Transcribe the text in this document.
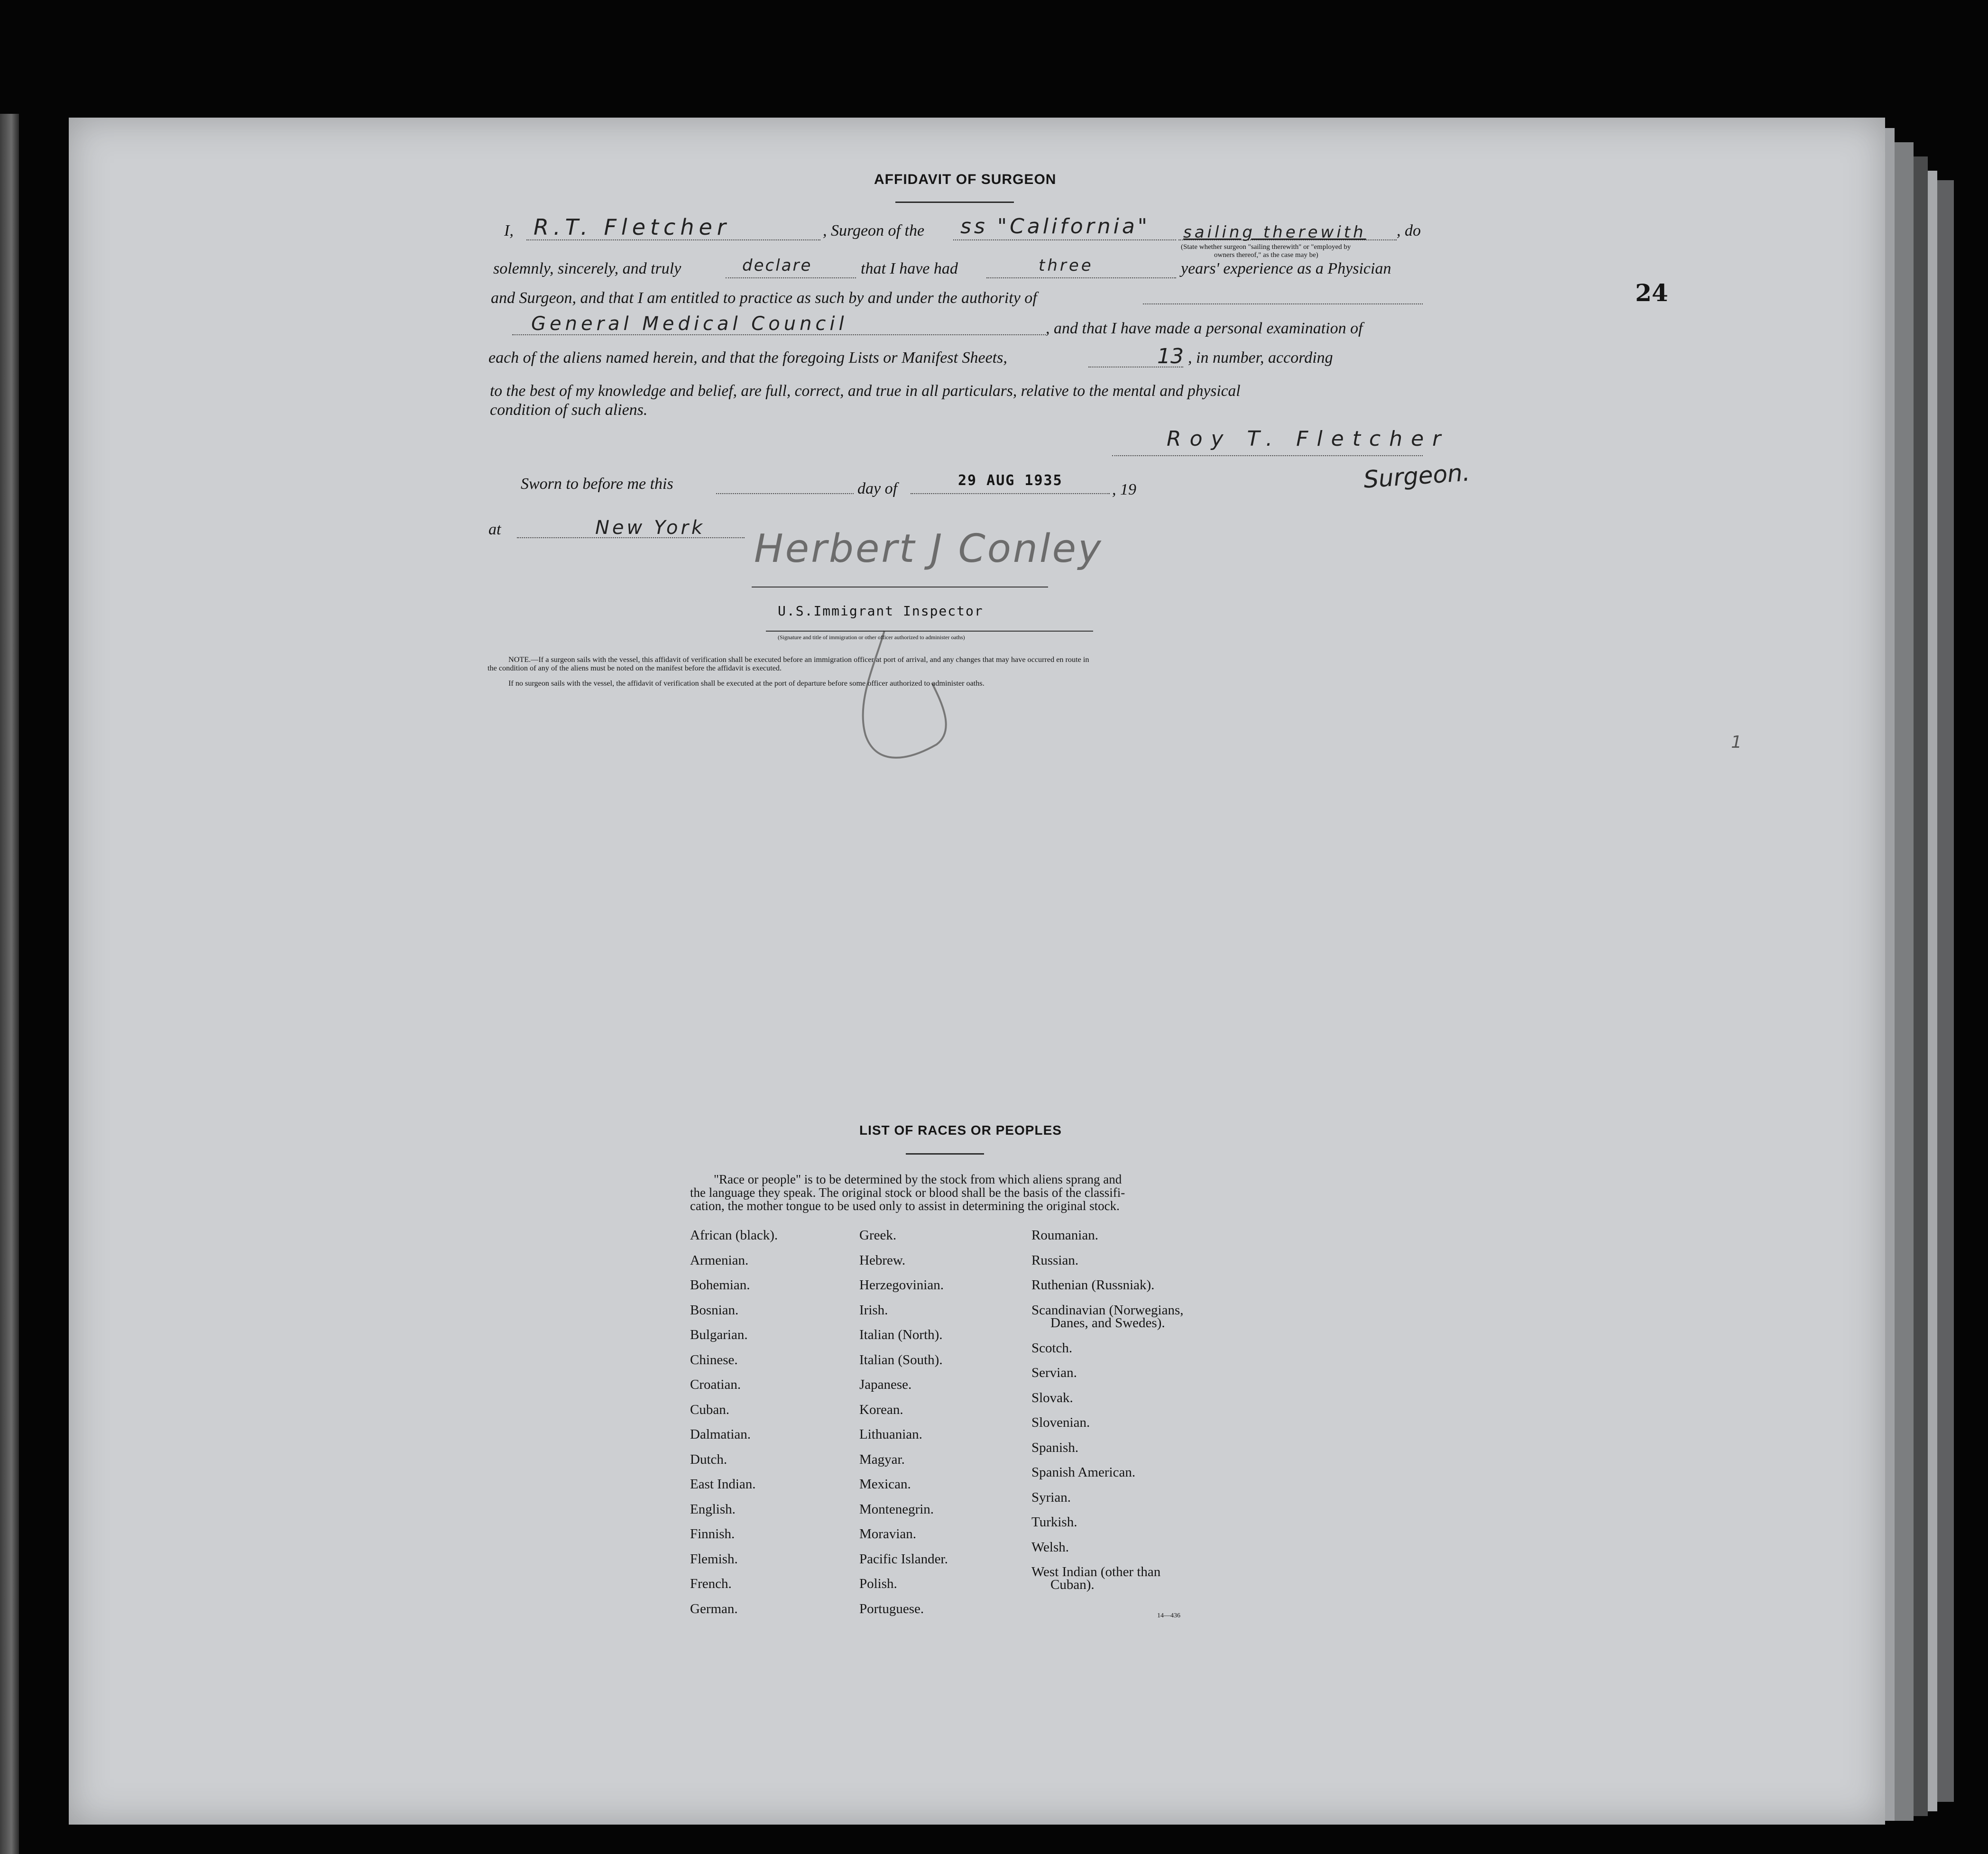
24
1
AFFIDAVIT OF SURGEON
I, R.T. Fletcher	, Surgeon of the ss "California" sailing therewith , do
(State whether surgeon "sailing therewith" or "employed by
owners thereof," as the case may be)
solemnly, sincerely, and truly	declare	that I have had	three	years' experience as a Physician
and Surgeon, and that I am entitled to practice as such by and under the authority of
General Medical Council	, and that I have made a personal examination of
each of the aliens named herein, and that the foregoing Lists or Manifest Sheets,	13 , in number, according
to the best of my knowledge and belief, are full, correct, and true in all particulars, relative to the mental and physical
condition of such aliens.
Roy T. Fletcher
Surgeon.
Sworn to before me this	day of	29 AUG 1935
, 19
at	New York Herbert J Conley
U.S.Immigrant Inspector
(Signature and title of immigration or other officer authorized to administer oaths)
NOTE.—If a surgeon sails with the vessel, this affidavit of verification shall be executed before an immigration officer at port of arrival, and any changes that may have occurred en route in
the condition of any of the aliens must be noted on the manifest before the affidavit is executed.
If no surgeon sails with the vessel, the affidavit of verification shall be executed at the port of departure before some officer authorized to administer oaths.
LIST OF RACES OR PEOPLES
"Race or people" is to be determined by the stock from which aliens sprang and
the language they speak. The original stock or blood shall be the basis of the classifi-
cation, the mother tongue to be used only to assist in determining the original stock.
African (black).
Armenian.
Bohemian.
Bosnian.
Bulgarian.
Chinese.
Croatian.
Cuban.
Dalmatian.
Dutch.
East Indian.
English.
Finnish.
Flemish.
French.
German.
Greek.
Hebrew.
Herzegovinian.
Irish.
Italian (North).
Italian (South).
Japanese.
Korean.
Lithuanian.
Magyar.
Mexican.
Montenegrin.
Moravian.
Pacific Islander.
Polish.
Portuguese.
Roumanian.
Russian.
Ruthenian (Russniak).
Scandinavian (Norwegians,
Danes, and Swedes).
Scotch.
Servian.
Slovak.
Slovenian.
Spanish.
Spanish American.
Syrian.
Turkish.
Welsh.
West Indian (other than
Cuban).
14—436
